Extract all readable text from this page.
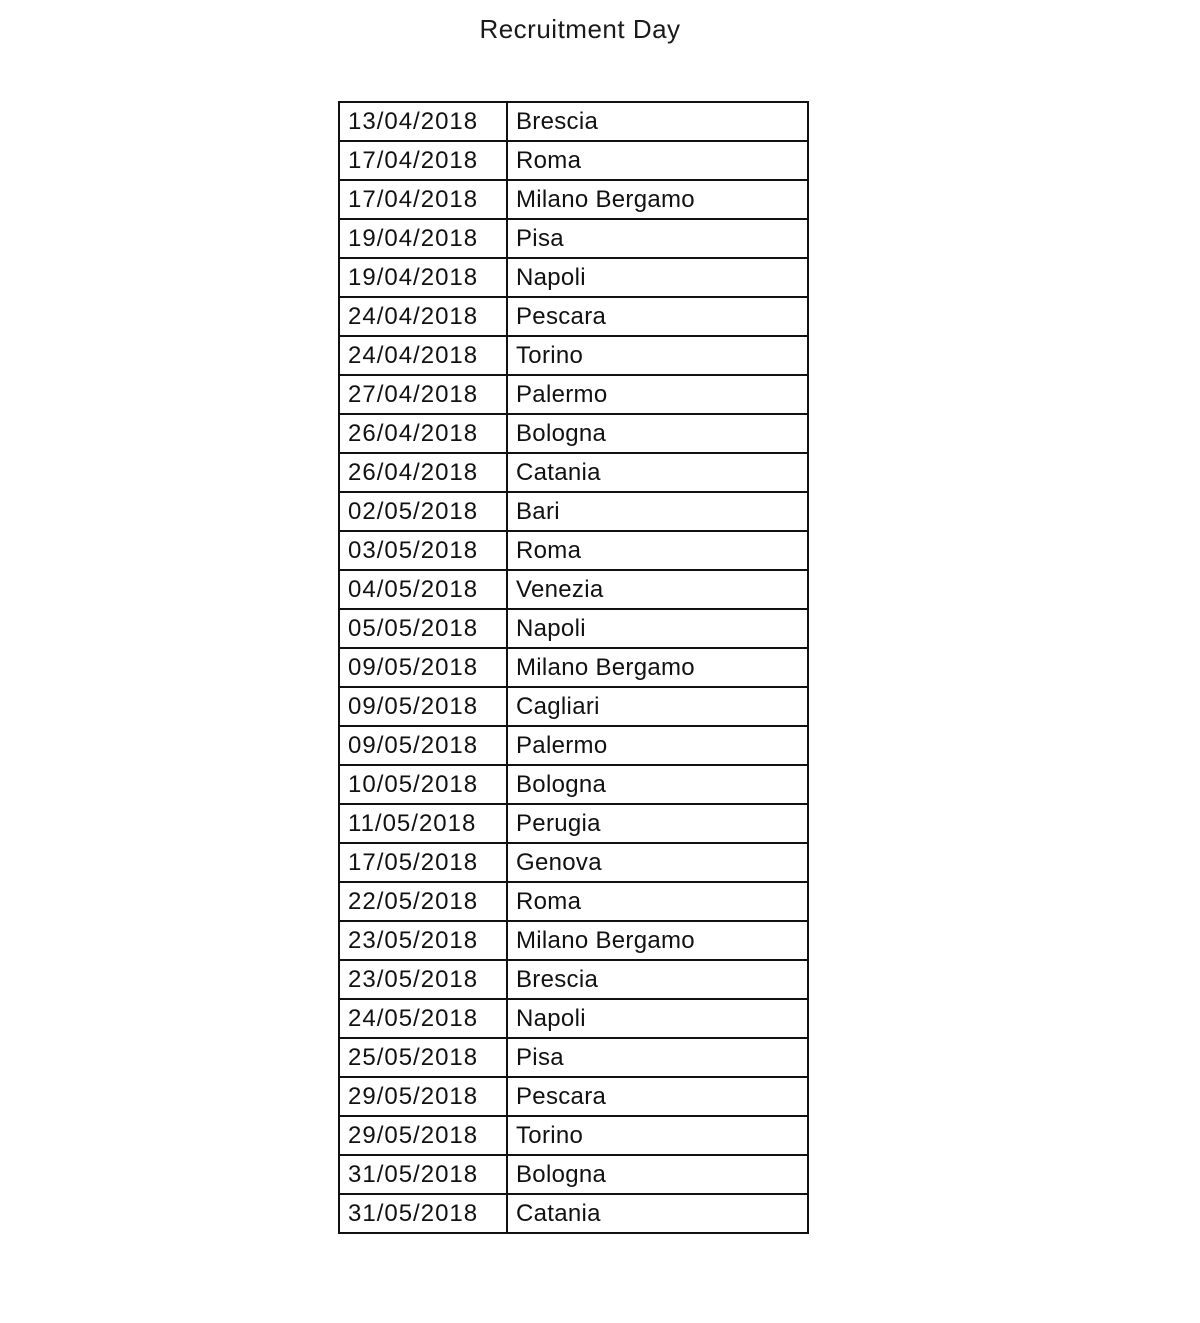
Recruitment Day
13/04/2018	Brescia
17/04/2018	Roma
17/04/2018	Milano Bergamo
19/04/2018	Pisa
19/04/2018	Napoli
24/04/2018	Pescara
24/04/2018	Torino
27/04/2018	Palermo
26/04/2018	Bologna
26/04/2018	Catania
02/05/2018	Bari
03/05/2018	Roma
04/05/2018	Venezia
05/05/2018	Napoli
09/05/2018	Milano Bergamo
09/05/2018	Cagliari
09/05/2018	Palermo
10/05/2018	Bologna
11/05/2018	Perugia
17/05/2018	Genova
22/05/2018	Roma
23/05/2018	Milano Bergamo
23/05/2018	Brescia
24/05/2018	Napoli
25/05/2018	Pisa
29/05/2018	Pescara
29/05/2018	Torino
31/05/2018	Bologna
31/05/2018	Catania
